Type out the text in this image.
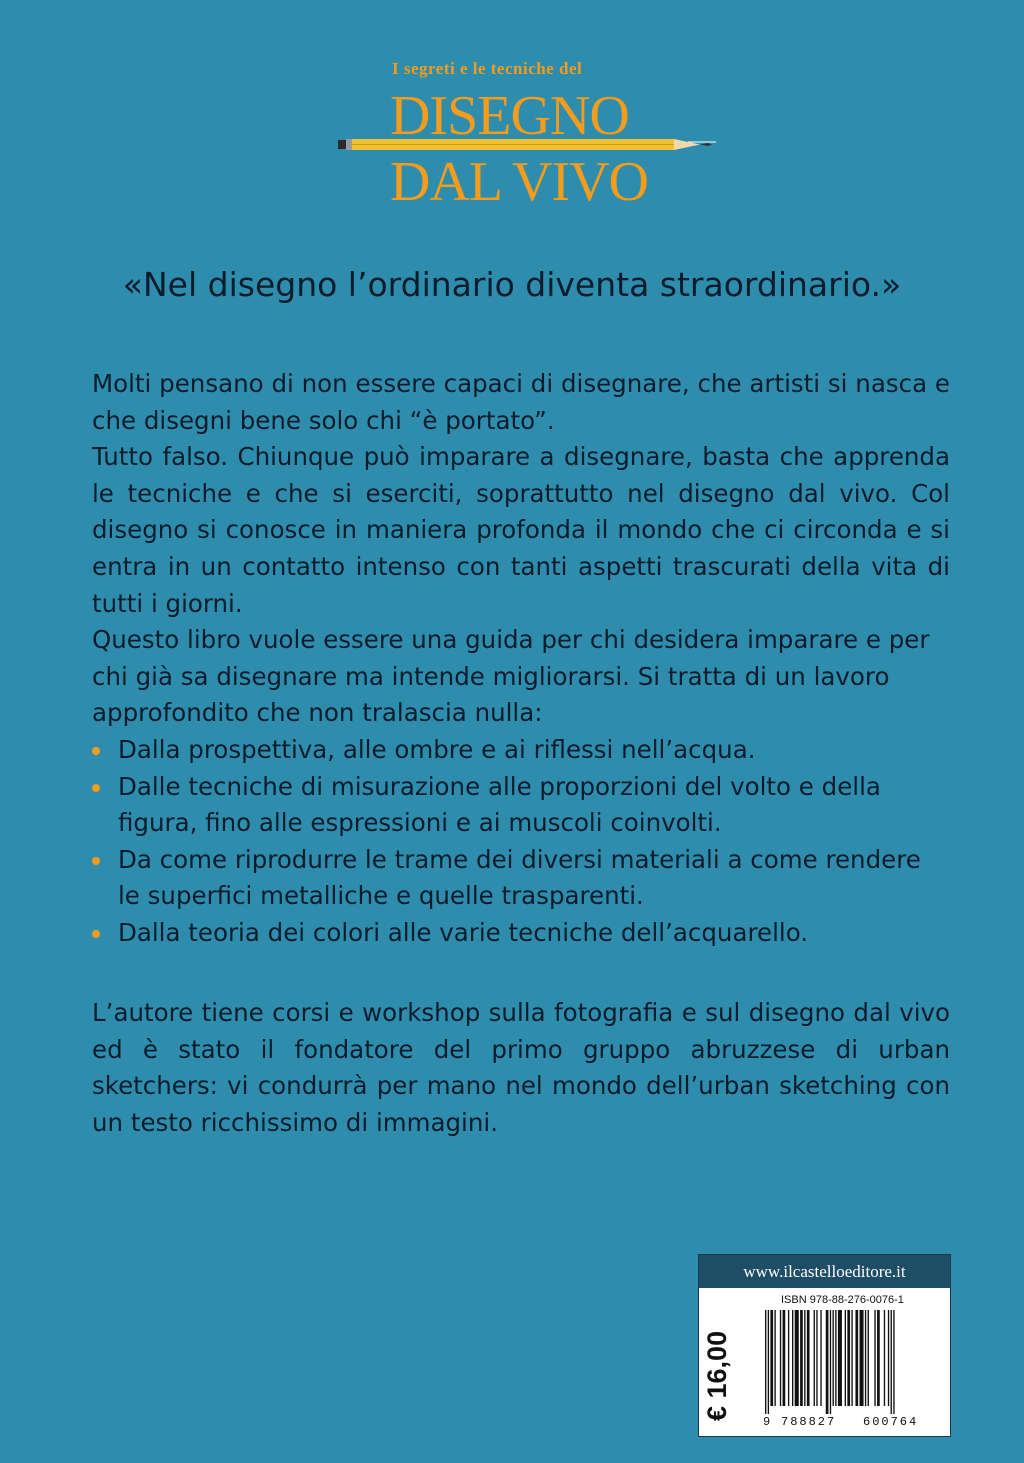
I segreti e le tecniche del
DISEGNO
DAL VIVO
«Nel disegno l’ordinario diventa straordinario.»

Molti pensano di non essere capaci di disegnare, che artisti si nasca e che disegni bene solo chi “è portato”.

Tutto falso. Chiunque può imparare a disegnare, basta che apprenda le tecniche e che si eserciti, soprattutto nel disegno dal vivo. Col disegno si conosce in maniera profonda il mondo che ci circonda e si entra in un contatto intenso con tanti aspetti trascurati della vita di tutti i giorni.

Questo libro vuole essere una guida per chi desidera imparare e per chi già sa disegnare ma intende migliorarsi. Si tratta di un lavoro approfondito che non tralascia nulla:

Dalla prospettiva, alle ombre e ai riflessi nell’acqua.
Dalle tecniche di misurazione alle proporzioni del volto e della figura, fino alle espressioni e ai muscoli coinvolti.
Da come riprodurre le trame dei diversi materiali a come rendere le superfici metalliche e quelle trasparenti.
Dalla teoria dei colori alle varie tecniche dell’acquarello.

L’autore tiene corsi e workshop sulla fotografia e sul disegno dal vivo ed è stato il fondatore del primo gruppo abruzzese di urban sketchers: vi condurrà per mano nel mondo dell’urban sketching con un testo ricchissimo di immagini.

www.ilcastelloeditore.it
€ 16,00
ISBN 978-88-276-0076-1
9 788827 600764
